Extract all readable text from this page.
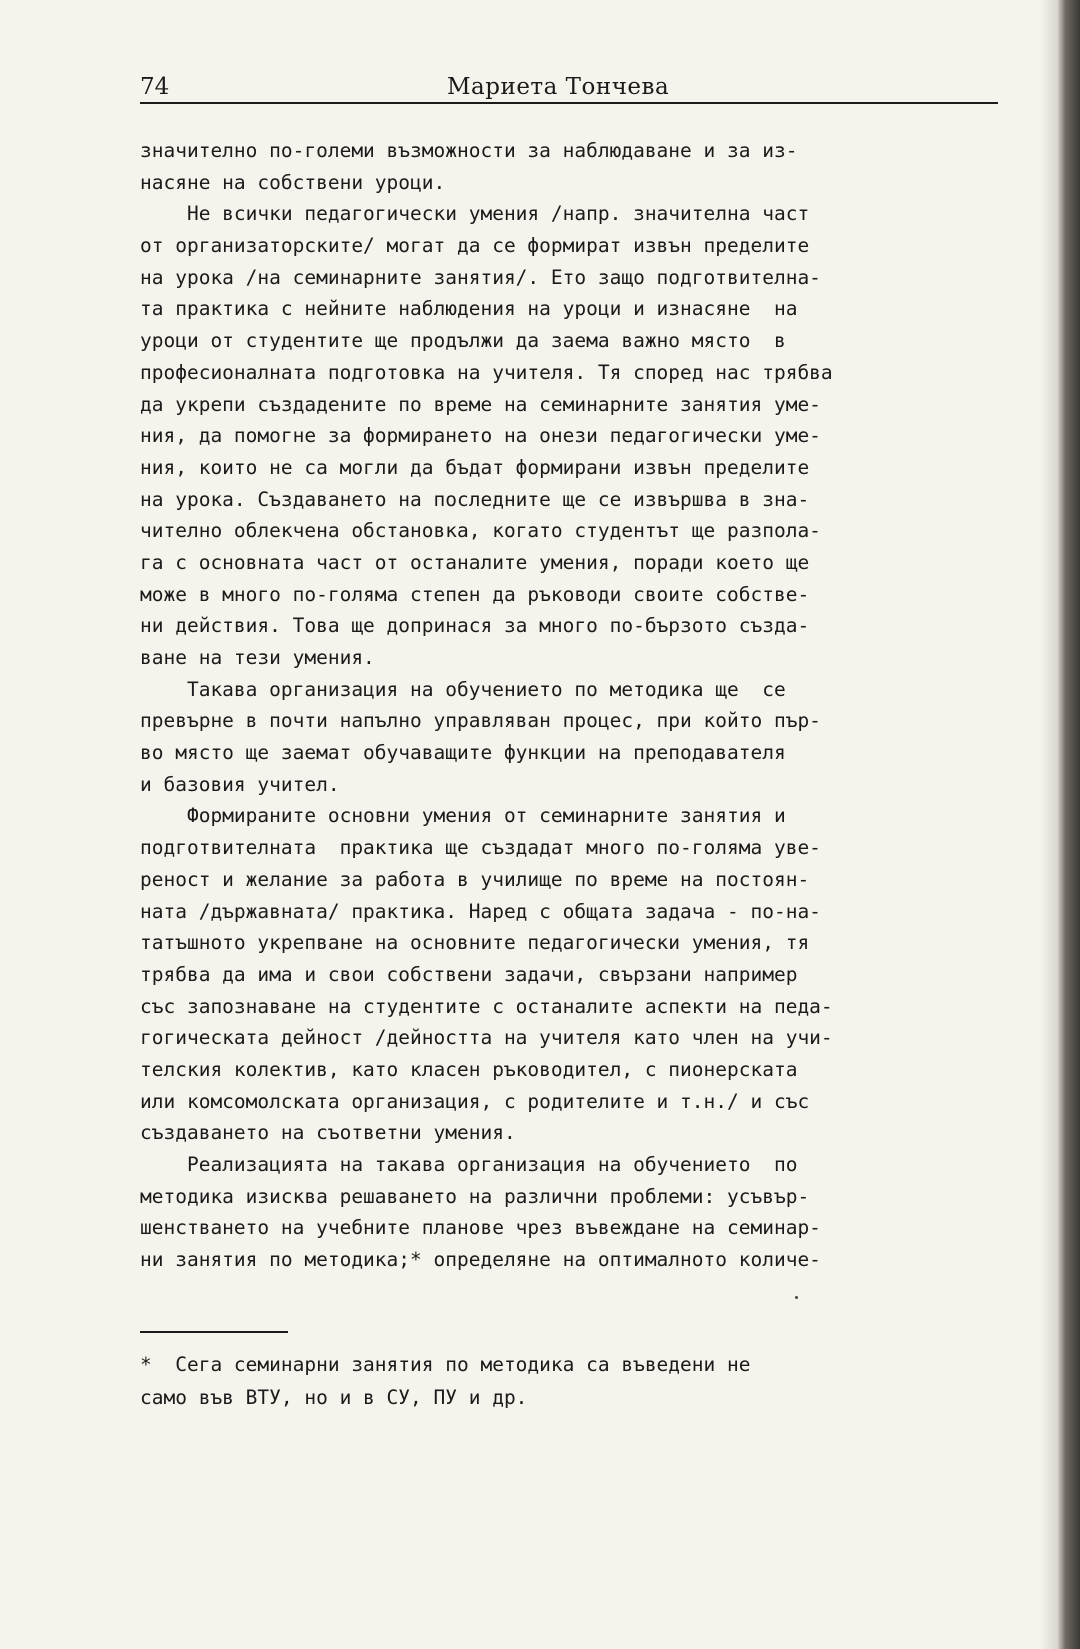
74	Мариета Тончева
значително по-големи възможности за наблюдаване и за из-
насяне на собствени уроци.
Не всички педагогически умения /напр. значителна част
от организаторските/ могат да се формират извън пределите
на урока /на семинарните занятия/. Ето защо подготвителна-
та практика с нейните наблюдения на уроци и изнасяне  на
уроци от студентите ще продължи да заема важно място  в
професионалната подготовка на учителя. Тя според нас трябва
да укрепи създадените по време на семинарните занятия уме-
ния, да помогне за формирането на онези педагогически уме-
ния, които не са могли да бъдат формирани извън пределите
на урока. Създаването на последните ще се извършва в зна-
чително облекчена обстановка, когато студентът ще разпола-
га с основната част от останалите умения, поради което ще
може в много по-голяма степен да ръководи своите собстве-
ни действия. Това ще допринася за много по-бързото създа-
ване на тези умения.
Такава организация на обучението по методика ще  се
превърне в почти напълно управляван процес, при който пър-
во място ще заемат обучаващите функции на преподавателя
и базовия учител.
Формираните основни умения от семинарните занятия и
подготвителната  практика ще създадат много по-голяма уве-
реност и желание за работа в училище по време на постоян-
ната /държавната/ практика. Наред с общата задача - по-на-
татъшното укрепване на основните педагогически умения, тя
трябва да има и свои собствени задачи, свързани например
със запознаване на студентите с останалите аспекти на педа-
гогическата дейност /дейността на учителя като член на учи-
телския колектив, като класен ръководител, с пионерската
или комсомолската организация, с родителите и т.н./ и със
създаването на съответни умения.
Реализацията на такава организация на обучението  по
методика изисква решаването на различни проблеми: усъвър-
шенстването на учебните планове чрез въвеждане на семинар-
ни занятия по методика;* определяне на оптималното количе-
*  Сега семинарни занятия по методика са въведени не
само във ВТУ, но и в СУ, ПУ и др.
